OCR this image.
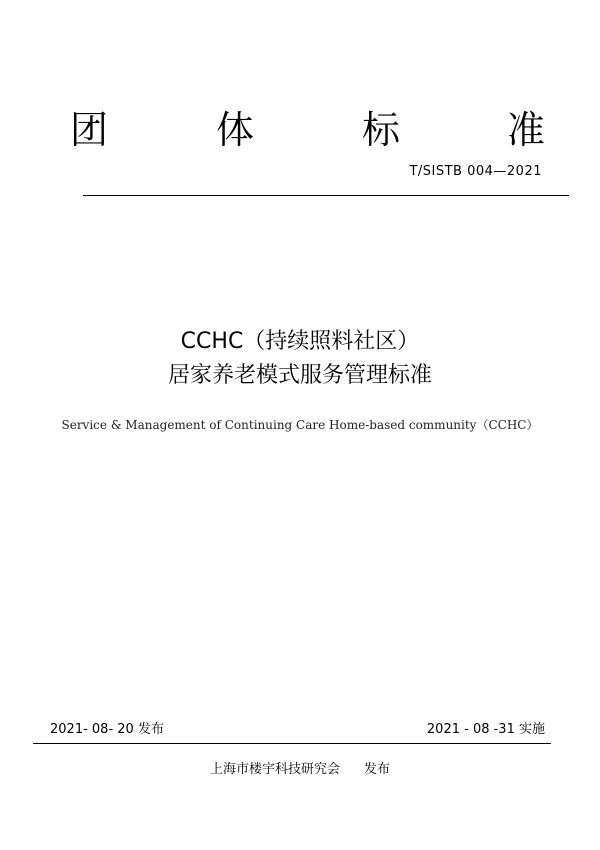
团	体	标	准
T/SISTB 004—2021
CCHC（持续照料社区）
居家养老模式服务管理标准
Service & Management of Continuing Care Home-based community（CCHC）
2021- 08- 20 发布	2021 - 08 -31 实施
上海市楼宇科技研究会 发布
